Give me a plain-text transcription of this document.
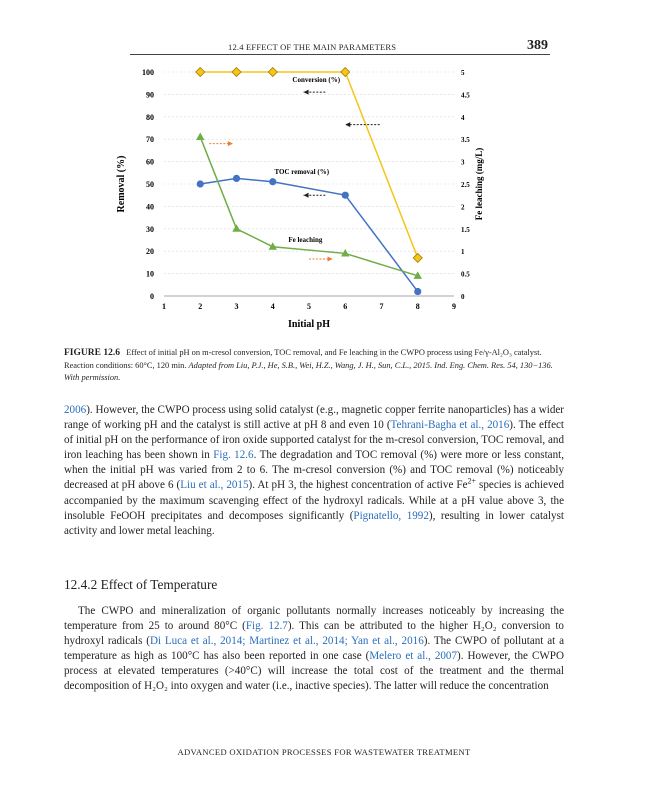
12.4 EFFECT OF THE MAIN PARAMETERS	389
0
10
20
30
40
50
60
70
80
90
100
0
0.5
1
1.5
2
2.5
3
3.5
4
4.5
5
1	2	3	4	5	6	7	8	9
Initial pH
Removal (%)	Fe leaching (mg/L)
Conversion (%)
TOC removal (%)
Fe leaching
FIGURE 12.6 Effect of initial pH on m-cresol conversion, TOC removal, and Fe leaching in the CWPO process using Fe/γ-Al₂O₃ catalyst. Reaction conditions: 60°C, 120 min. Adapted from Liu, P.J., He, S.B., Wei, H.Z., Wang, J. H., Sun, C.L., 2015. Ind. Eng. Chem. Res. 54, 130−136. With permission.

2006). However, the CWPO process using solid catalyst (e.g., magnetic copper ferrite nanoparticles) has a wider range of working pH and the catalyst is still active at pH 8 and even 10 (Tehrani-Bagha et al., 2016). The effect of initial pH on the performance of iron oxide supported catalyst for the m-cresol conversion, TOC removal, and iron leaching has been shown in Fig. 12.6. The degradation and TOC removal (%) were more or less constant, when the initial pH was varied from 2 to 6. The m-cresol conversion (%) and TOC removal (%) noticeably decreased at pH above 6 (Liu et al., 2015). At pH 3, the highest concentration of active $Fe^{2+}$ species is achieved accompanied by the maximum scavenging effect of the hydroxyl radicals. While at a pH value above 3, the insoluble FeOOH precipitates and decomposes significantly (Pignatello, 1992), resulting in lower catalyst activity and lower metal leaching.

12.4.2 Effect of Temperature

The CWPO and mineralization of organic pollutants normally increases noticeably by increasing the temperature from 25 to around 80°C (Fig. 12.7). This can be attributed to the higher H₂O₂ conversion to hydroxyl radicals (Di Luca et al., 2014; Martinez et al., 2014; Yan et al., 2016). The CWPO of pollutant at a temperature as high as 100°C has also been reported in one case (Melero et al., 2007). However, the CWPO process at elevated temperatures (>40°C) will increase the total cost of the treatment and the thermal decomposition of H₂O₂ into oxygen and water (i.e., inactive species). The latter will reduce the concentration

ADVANCED OXIDATION PROCESSES FOR WASTEWATER TREATMENT
